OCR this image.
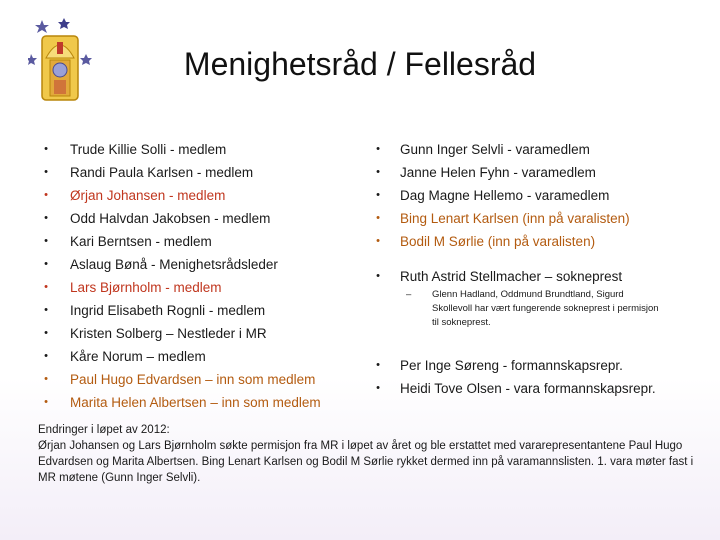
Menighetsråd / Fellesråd
•	Trude Killie Solli - medlem
•	Randi Paula Karlsen - medlem
•	Ørjan Johansen - medlem
•	Odd Halvdan Jakobsen - medlem
•	Kari Berntsen - medlem
•	Aslaug Bønå - Menighetsrådsleder
•	Lars Bjørnholm - medlem
•	Ingrid Elisabeth Rognli - medlem
•	Kristen Solberg – Nestleder i MR
•	Kåre Norum – medlem
•	Paul Hugo Edvardsen – inn som medlem
•	Marita Helen Albertsen – inn som medlem
•	Gunn Inger Selvli - varamedlem
•	Janne Helen Fyhn - varamedlem
•	Dag Magne Hellemo - varamedlem
•	Bing Lenart Karlsen (inn på varalisten)
•	Bodil M Sørlie (inn på varalisten)
•	Ruth Astrid Stellmacher – sokneprest
– Glenn Hadland, Oddmund Brundtland, Sigurd Skollevoll har vært fungerende sokneprest i permisjon til sokneprest.
•	Per Inge Søreng - formannskapsrepr.
•	Heidi Tove Olsen - vara formannskapsrepr.
Endringer i løpet av 2012:
Ørjan Johansen og Lars Bjørnholm søkte permisjon fra MR i løpet av året og ble erstattet med vararepresentantene Paul Hugo Edvardsen og Marita Albertsen. Bing Lenart Karlsen og Bodil M Sørlie rykket dermed inn på varamannslisten. 1. vara møter fast i MR møtene (Gunn Inger Selvli).
